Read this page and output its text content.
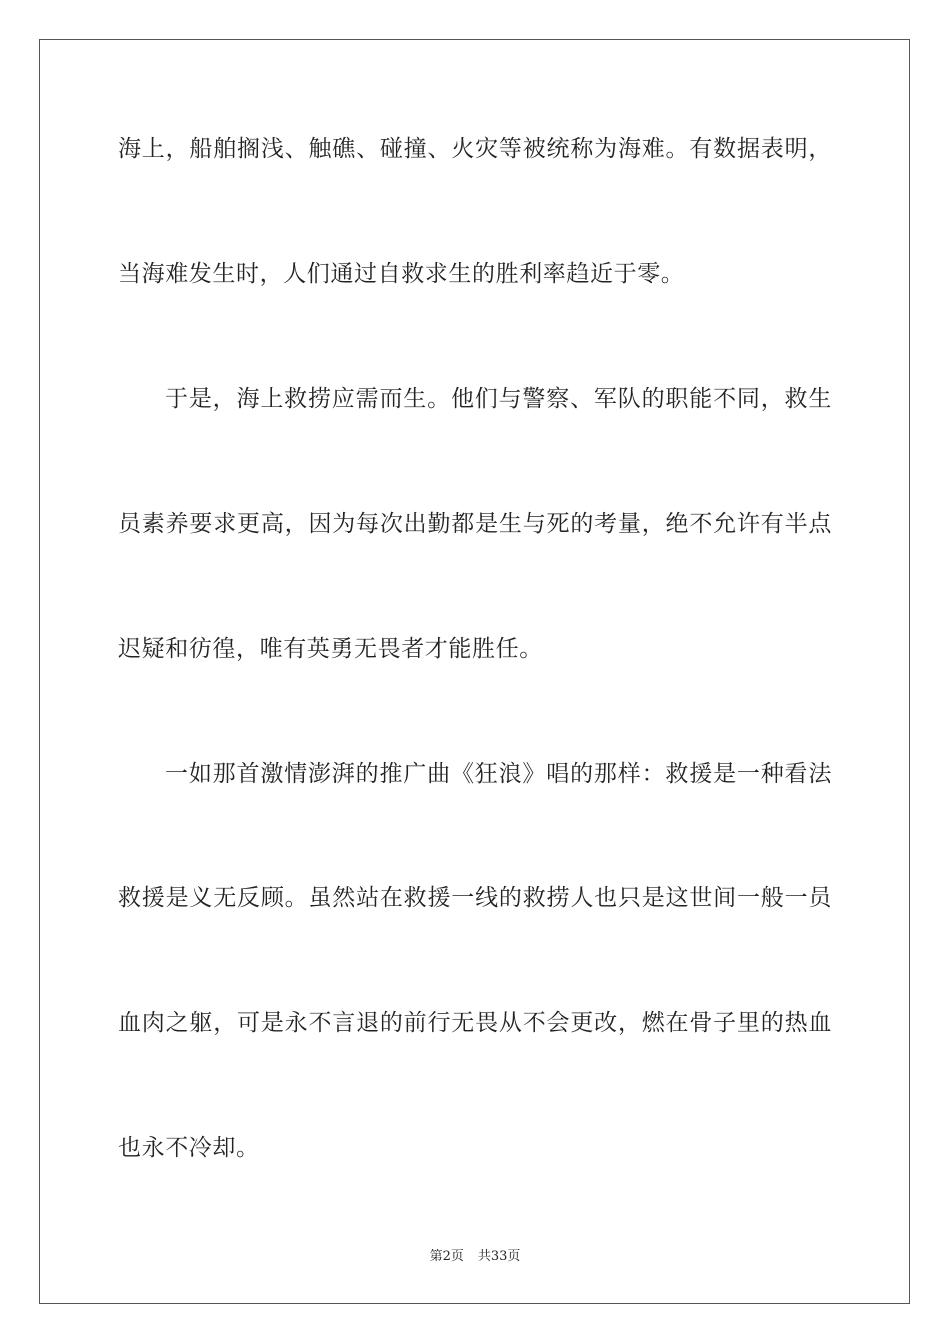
海上，船舶搁浅、触礁、碰撞、火灾等被统称为海难。有数据表明，
当海难发生时，人们通过自救求生的胜利率趋近于零。
于是，海上救捞应需而生。他们与警察、军队的职能不同，救生
员素养要求更高，因为每次出勤都是生与死的考量，绝不允许有半点
迟疑和彷徨，唯有英勇无畏者才能胜任。
一如那首激情澎湃的推广曲《狂浪》唱的那样：救援是一种看法
救援是义无反顾。虽然站在救援一线的救捞人也只是这世间一般一员
血肉之躯，可是永不言退的前行无畏从不会更改，燃在骨子里的热血
也永不冷却。
第2页 共33页
